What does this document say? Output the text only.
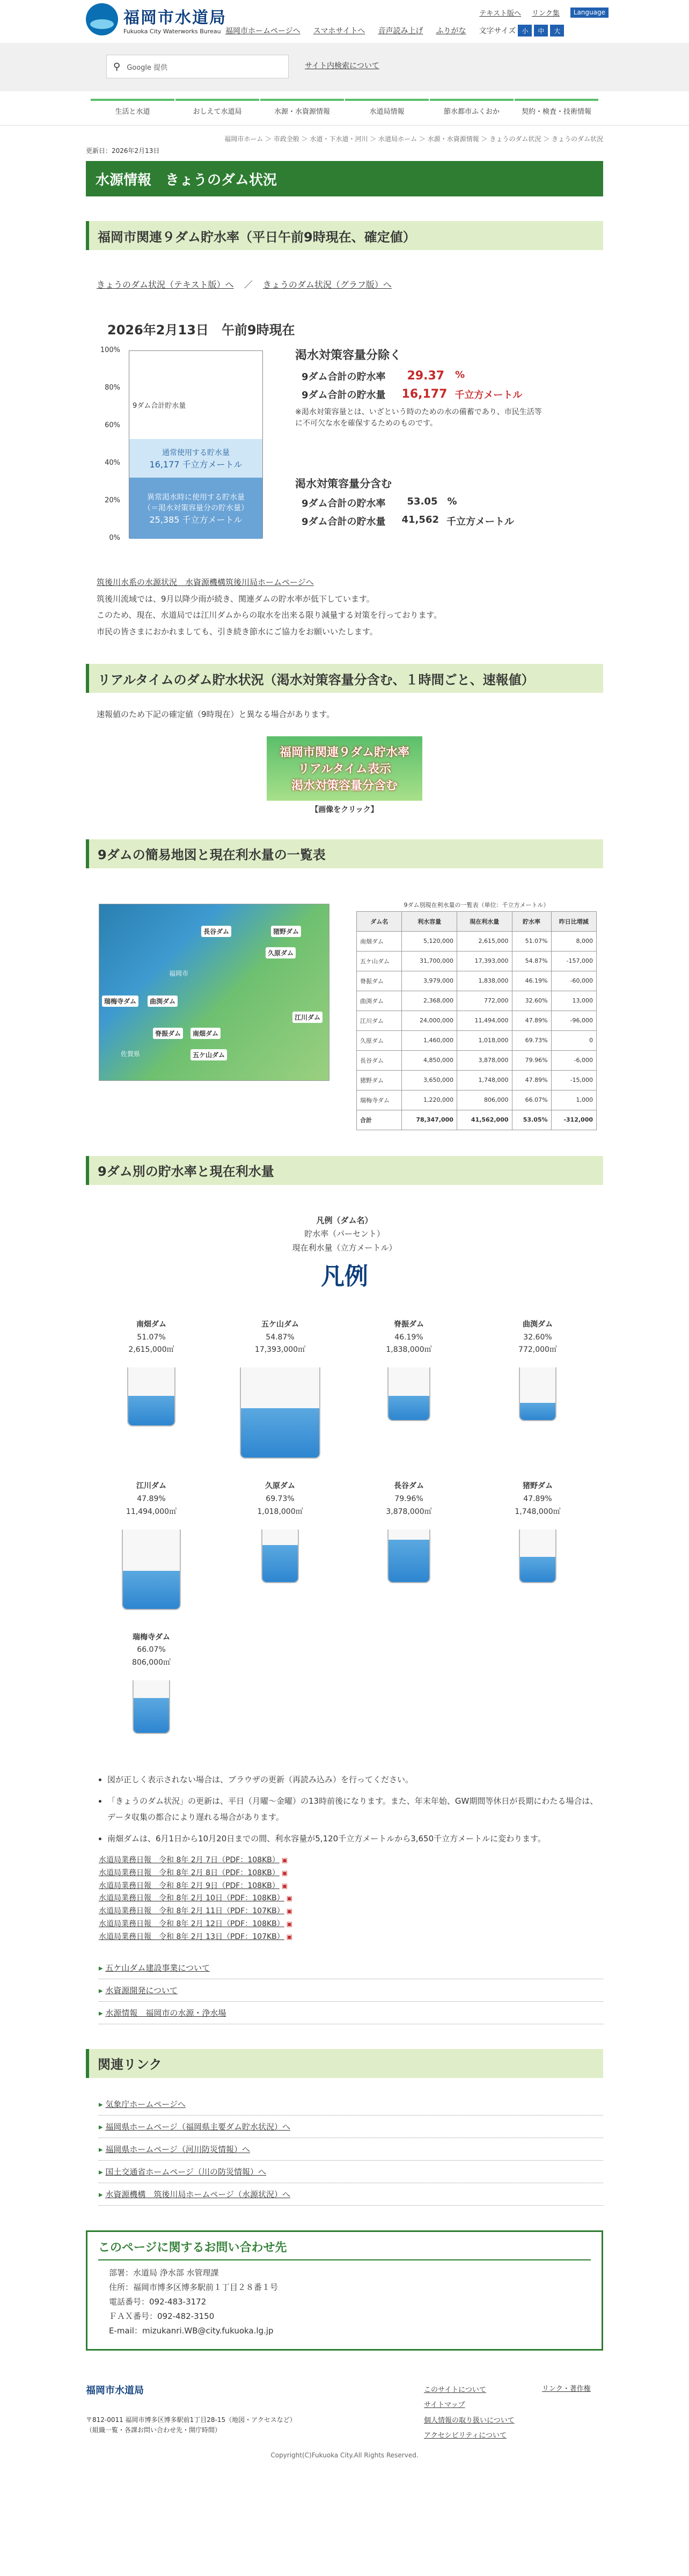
福岡市水道局
Fukuoka City Waterworks Bureau
テキスト版へ リンク集	Language
福岡市ホームページへ スマホサイトへ 音声読み上げ ふりがな 文字サイズ 小	中	大
⚲ Google 提供	サイト内検索について
生活と水道	おしえて水道局	水源・水資源情報	水道局情報	節水都市ふくおか	契約・検査・技術情報
福岡市ホーム ＞ 市政全般 ＞ 水道・下水道・河川 ＞ 水道局ホーム ＞ 水源・水資源情報 ＞ きょうのダム状況 ＞ きょうのダム状況
更新日：2026年2月13日
水源情報　きょうのダム状況
福岡市関連９ダム貯水率（平日午前9時現在、確定値）
きょうのダム状況（テキスト版）へ ／ きょうのダム状況（グラフ版）へ
2026年2月13日　午前9時現在
100%
80%
60%
40%
20%
0%
9ダム合計貯水量
通常使用する貯水量
16,177 千立方メートル
異常渇水時に使用する貯水量
（＝渇水対策容量分の貯水量）
25,385 千立方メートル
渇水対策容量分除く
9ダム合計の貯水率 29.37 %
9ダム合計の貯水量 16,177 千立方メートル
※渇水対策容量とは、いざという時のための水の備蓄であり、市民生活等に不可欠な水を確保するためのものです。
渇水対策容量分含む
9ダム合計の貯水率 53.05 %
9ダム合計の貯水量 41,562 千立方メートル
筑後川水系の水源状況　水資源機構筑後川局ホームページへ

筑後川流域では、9月以降少雨が続き、関連ダムの貯水率が低下しています。

このため、現在、水道局では江川ダムからの取水を出来る限り減量する対策を行っております。

市民の皆さまにおかれましても、引き続き節水にご協力をお願いいたします。

リアルタイムのダム貯水状況（渇水対策容量分含む、１時間ごと、速報値）

速報値のため下記の確定値（9時現在）と異なる場合があります。

福岡市関連９ダム貯水率
リアルタイム表示
渇水対策容量分含む
【画像をクリック】
9ダムの簡易地図と現在利水量の一覧表
長谷ダム	猪野ダム
久原ダム
瑞梅寺ダム	曲渕ダム
脊振ダム	南畑ダム
五ケ山ダム
江川ダム
福岡市
佐賀県
9ダム別現在利水量の一覧表（単位：千立方メートル）
ダム名	利水容量	現在利水量	貯水率	昨日比増減
南畑ダム	5,120,000	2,615,000	51.07%	8,000
五ケ山ダム	31,700,000	17,393,000	54.87%	-157,000
脊振ダム	3,979,000	1,838,000	46.19%	-60,000
曲渕ダム	2,368,000	772,000	32.60%	13,000
江川ダム	24,000,000	11,494,000	47.89%	-96,000
久原ダム	1,460,000	1,018,000	69.73%	0
長谷ダム	4,850,000	3,878,000	79.96%	-6,000
猪野ダム	3,650,000	1,748,000	47.89%	-15,000
瑞梅寺ダム	1,220,000	806,000	66.07%	1,000
合計	78,347,000	41,562,000	53.05%	-312,000
9ダム別の貯水率と現在利水量
凡例（ダム名）
貯水率（パーセント）
現在利水量（立方メートル）
凡例
南畑ダム
51.07%
2,615,000㎥
五ケ山ダム
54.87%
17,393,000㎥
脊振ダム
46.19%
1,838,000㎥
曲渕ダム
32.60%
772,000㎥
江川ダム
47.89%
11,494,000㎥
久原ダム
69.73%
1,018,000㎥
長谷ダム
79.96%
3,878,000㎥
猪野ダム
47.89%
1,748,000㎥
瑞梅寺ダム
66.07%
806,000㎥
• 図が正しく表示されない場合は、ブラウザの更新（再読み込み）を行ってください。
• 「きょうのダム状況」の更新は、平日（月曜〜金曜）の13時前後になります。また、年末年始、GW期間等休日が長期にわたる場合は、データ収集の都合により遅れる場合があります。
• 南畑ダムは、6月1日から10月20日までの間、利水容量が5,120千立方メートルから3,650千立方メートルに変わります。
水道局業務日報　令和 8年 2月 7日（PDF：108KB） ▣
水道局業務日報　令和 8年 2月 8日（PDF：108KB） ▣
水道局業務日報　令和 8年 2月 9日（PDF：108KB） ▣
水道局業務日報　令和 8年 2月 10日（PDF：108KB） ▣
水道局業務日報　令和 8年 2月 11日（PDF：107KB） ▣
水道局業務日報　令和 8年 2月 12日（PDF：108KB） ▣
水道局業務日報　令和 8年 2月 13日（PDF：107KB） ▣
▸ 五ケ山ダム建設事業について
▸ 水資源開発について
▸ 水源情報　福岡市の水源・浄水場
関連リンク
▸ 気象庁ホームページへ
▸ 福岡県ホームページ（福岡県主要ダム貯水状況）へ
▸ 福岡県ホームページ（河川防災情報）へ
▸ 国土交通省ホームページ（川の防災情報）へ
▸ 水資源機構　筑後川局ホームページ（水源状況）へ
このページに関するお問い合わせ先

部署：水道局 浄水部 水管理課

住所：福岡市博多区博多駅前１丁目２８番１号

電話番号：092-483-3172

ＦＡＸ番号：092-482-3150

E-mail：mizukanri.WB@city.fukuoka.lg.jp

福岡市水道局
〒812-0011 福岡市博多区博多駅前1丁目28-15（地図・アクセスなど）
（組織一覧・各課お問い合わせ先・開庁時間）
このサイトについて
サイトマップ
個人情報の取り扱いについて
アクセシビリティについて
リンク・著作権
Copyright(C)Fukuoka City.All Rights Reserved.
